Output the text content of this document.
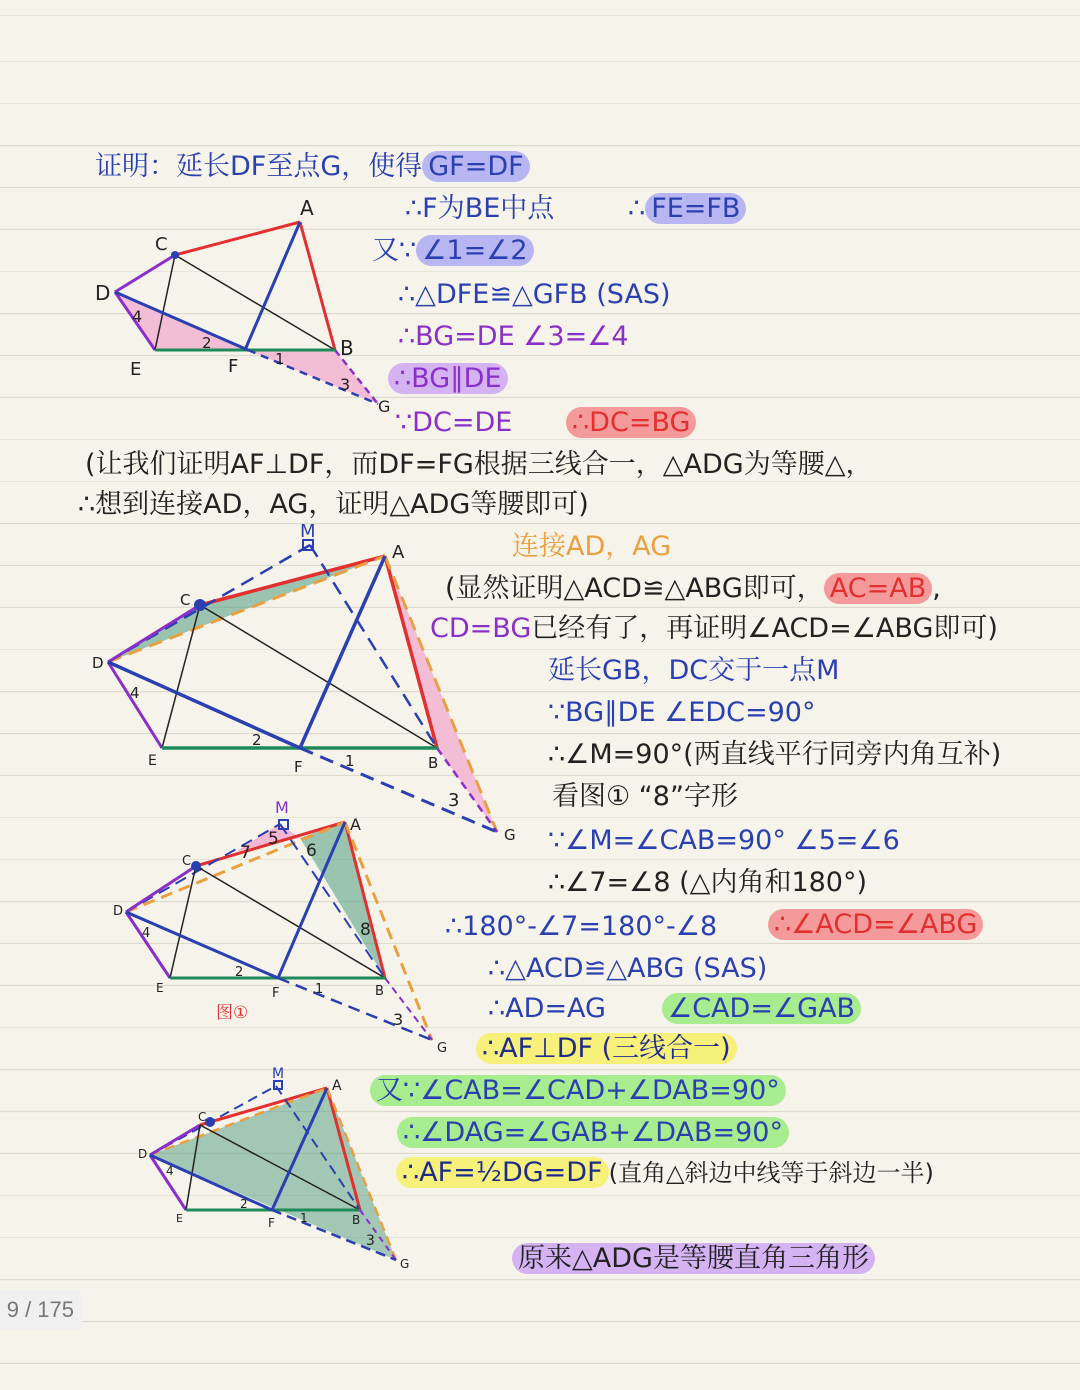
A
C
D
E	F
B
G
4
2
1
3
M
A
C
D
E	F	B
G
4
2
1
3
M
A
C
D
E	F	B
G
4
2
1
3
5
6
7
8
图①
M
A
C
D
E	F	B
G
4
2
1
3
证明：延长DF至点G，使得 GF=DF
∴F为BE中点	∴ FE=FB
又∵ ∠1=∠2
∴△DFE≌△GFB (SAS)
∴BG=DE ∠3=∠4
∴BG∥DE
∵DC=DE ∴DC=BG
(让我们证明AF⊥DF，而DF=FG根据三线合一，△ADG为等腰△，
∴想到连接AD，AG，证明△ADG等腰即可)
连接AD，AG
(显然证明△ACD≌△ABG即可， AC=AB ,
CD=BG已经有了，再证明∠ACD=∠ABG即可)
延长GB，DC交于一点M
∵BG∥DE ∠EDC=90°
∴∠M=90°(两直线平行同旁内角互补)
看图① “8”字形
∵∠M=∠CAB=90° ∠5=∠6
∴∠7=∠8 (△内角和180°)
∴180°-∠7=180°-∠8 ∴∠ACD=∠ABG
∴△ACD≌△ABG (SAS)
∴AD=AG ∠CAD=∠GAB
∴AF⊥DF (三线合一)
又∵∠CAB=∠CAD+∠DAB=90°
∴∠DAG=∠GAB+∠DAB=90°
∴AF=½DG=DF (直角△斜边中线等于斜边一半)
原来△ADG是等腰直角三角形
9 / 175
